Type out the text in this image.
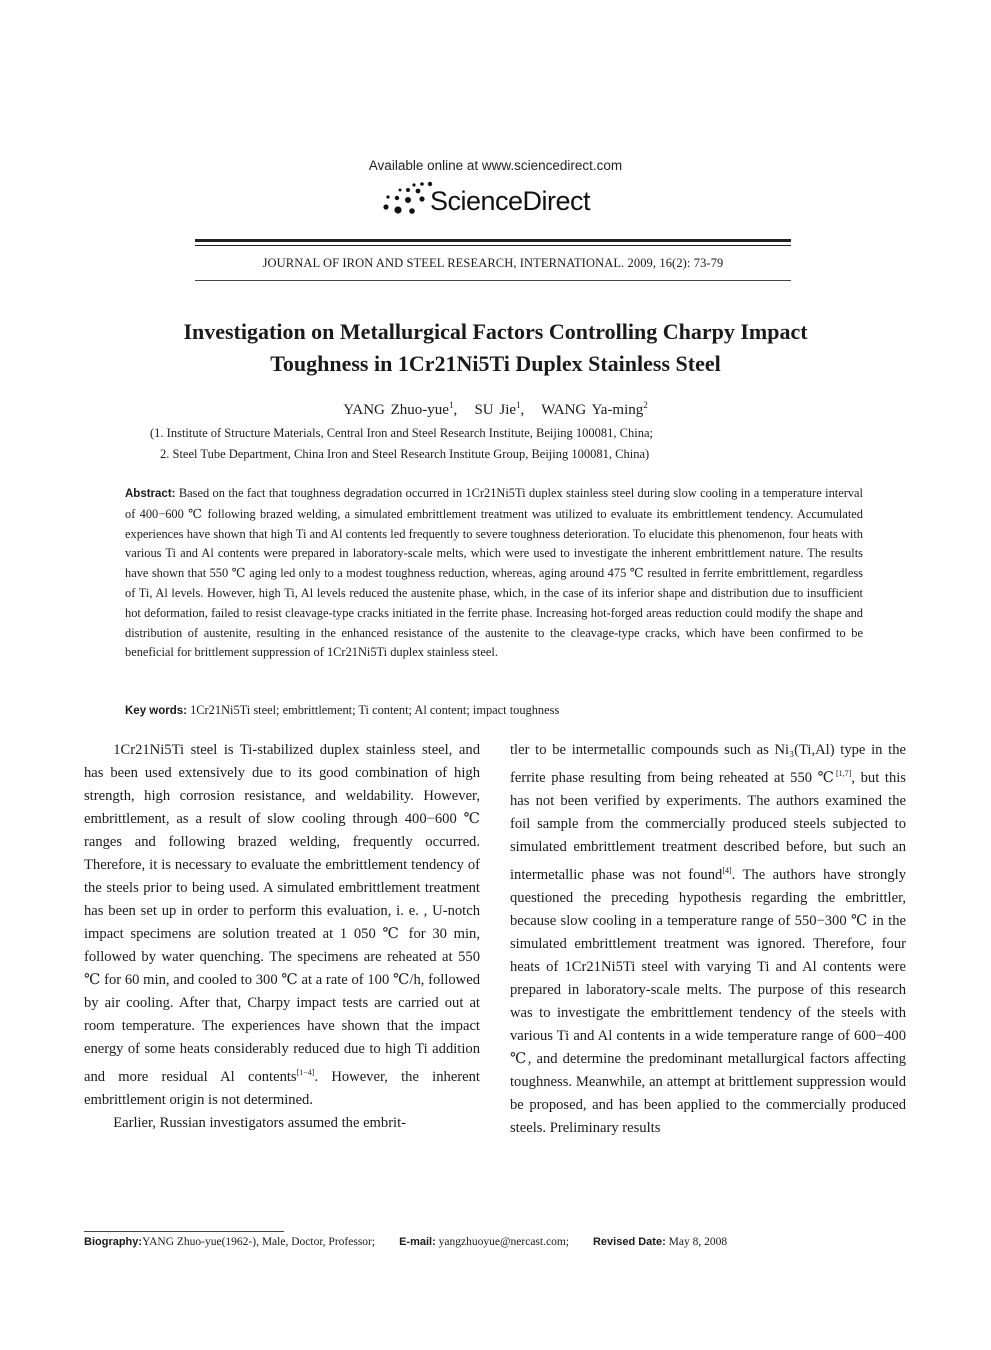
Available online at www.sciencedirect.com
ScienceDirect
JOURNAL OF IRON AND STEEL RESEARCH, INTERNATIONAL. 2009, 16(2): 73-79
Investigation on Metallurgical Factors Controlling Charpy Impact
Toughness in 1Cr21Ni5Ti Duplex Stainless Steel
YANG Zhuo-yue$^1$,   SU Jie$^1$,   WANG Ya-ming$^2$
(1. Institute of Structure Materials, Central Iron and Steel Research Institute, Beijing 100081, China;
2. Steel Tube Department, China Iron and Steel Research Institute Group, Beijing 100081, China)
Abstract: Based on the fact that toughness degradation occurred in 1Cr21Ni5Ti duplex stainless steel during slow cooling in a temperature interval of 400−600 ℃ following brazed welding, a simulated embrittlement treatment was utilized to evaluate its embrittlement tendency. Accumulated experiences have shown that high Ti and Al contents led frequently to severe toughness deterioration. To elucidate this phenomenon, four heats with various Ti and Al contents were prepared in laboratory-scale melts, which were used to investigate the inherent embrittlement nature. The results have shown that 550 ℃ aging led only to a modest toughness reduction, whereas, aging around 475 ℃ resulted in ferrite embrittlement, regardless of Ti, Al levels. However, high Ti, Al levels reduced the austenite phase, which, in the case of its inferior shape and distribution due to insufficient hot deformation, failed to resist cleavage-type cracks initiated in the ferrite phase. Increasing hot-forged areas reduction could modify the shape and distribution of austenite, resulting in the enhanced resistance of the austenite to the cleavage-type cracks, which have been confirmed to be beneficial for brittlement suppression of 1Cr21Ni5Ti duplex stainless steel.
Key words: 1Cr21Ni5Ti steel; embrittlement; Ti content; Al content; impact toughness

1Cr21Ni5Ti steel is Ti-stabilized duplex stainless steel, and has been used extensively due to its good combination of high strength, high corrosion resistance, and weldability. However, embrittlement, as a result of slow cooling through 400−600 ℃ ranges and following brazed welding, frequently occurred. Therefore, it is necessary to evaluate the embrittlement tendency of the steels prior to being used. A simulated embrittlement treatment has been set up in order to perform this evaluation, i. e. , U-notch impact specimens are solution treated at 1 050 ℃ for 30 min, followed by water quenching. The specimens are reheated at 550 ℃ for 60 min, and cooled to 300 ℃ at a rate of 100 ℃/h, followed by air cooling. After that, Charpy impact tests are carried out at room temperature. The experiences have shown that the impact energy of some heats considerably reduced due to high Ti addition and more residual Al contents[1−4]. However, the inherent embrittlement origin is not determined.

Earlier, Russian investigators assumed the embrit-

tler to be intermetallic compounds such as Ni₃(Ti,Al) type in the ferrite phase resulting from being reheated at 550 ℃[1,7], but this has not been verified by experiments. The authors examined the foil sample from the commercially produced steels subjected to simulated embrittlement treatment described before, but such an intermetallic phase was not found[4]. The authors have strongly questioned the preceding hypothesis regarding the embrittler, because slow cooling in a temperature range of 550−300 ℃ in the simulated embrittlement treatment was ignored. Therefore, four heats of 1Cr21Ni5Ti steel with varying Ti and Al contents were prepared in laboratory-scale melts. The purpose of this research was to investigate the embrittlement tendency of the steels with various Ti and Al contents in a wide temperature range of 600−400 ℃, and determine the predominant metallurgical factors affecting toughness. Meanwhile, an attempt at brittlement suppression would be proposed, and has been applied to the commercially produced steels. Preliminary results

Biography:YANG Zhuo-yue(1962-), Male, Doctor, Professor; E-mail: yangzhuoyue@nercast.com; Revised Date: May 8, 2008
